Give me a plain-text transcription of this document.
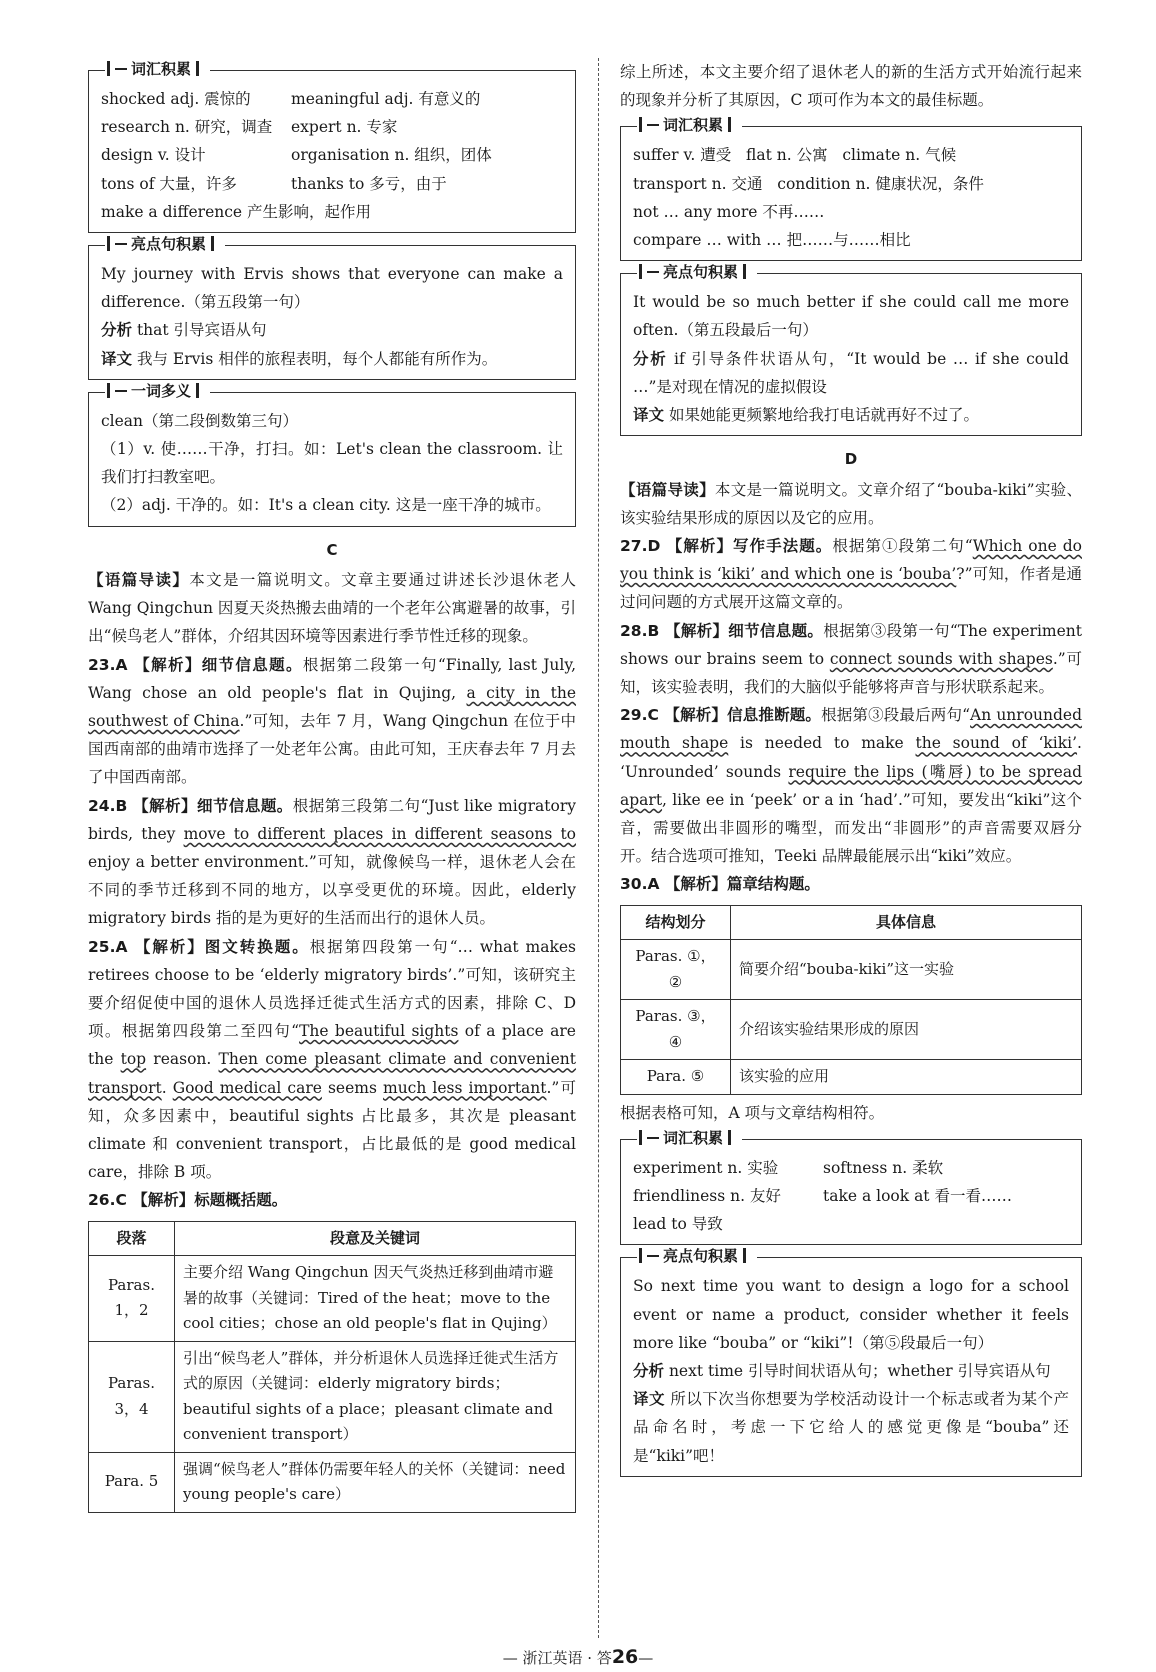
词汇积累
shocked adj. 震惊的	meaningful adj. 有意义的
research n. 研究，调查	expert n. 专家
design v. 设计	organisation n. 组织，团体
tons of 大量，许多	thanks to 多亏，由于
make a difference 产生影响，起作用
亮点句积累

My journey with Ervis shows that everyone can make a difference.（第五段第一句）

分析 that 引导宾语从句

译文 我与 Ervis 相伴的旅程表明，每个人都能有所作为。

一词多义

clean（第二段倒数第三句）

（1）v. 使……干净，打扫。如：Let's clean the classroom. 让我们打扫教室吧。

（2）adj. 干净的。如：It's a clean city. 这是一座干净的城市。

C

【语篇导读】本文是一篇说明文。文章主要通过讲述长沙退休老人 Wang Qingchun 因夏天炎热搬去曲靖的一个老年公寓避暑的故事，引出“候鸟老人”群体，介绍其因环境等因素进行季节性迁移的现象。

23.A 【解析】细节信息题。根据第二段第一句“Finally, last July, Wang chose an old people's flat in Qujing, a city in the southwest of China.”可知，去年 7 月，Wang Qingchun 在位于中国西南部的曲靖市选择了一处老年公寓。由此可知，王庆春去年 7 月去了中国西南部。

24.B 【解析】细节信息题。根据第三段第二句“Just like migratory birds, they move to different places in different seasons to enjoy a better environment.”可知，就像候鸟一样，退休老人会在不同的季节迁移到不同的地方，以享受更优的环境。因此，elderly migratory birds 指的是为更好的生活而出行的退休人员。

25.A 【解析】图文转换题。根据第四段第一句“… what makes retirees choose to be ‘elderly migratory birds’.”可知，该研究主要介绍促使中国的退休人员选择迁徙式生活方式的因素，排除 C、D 项。根据第四段第二至四句“The beautiful sights of a place are the top reason. Then come pleasant climate and convenient transport. Good medical care seems much less important.”可知，众多因素中，beautiful sights 占比最多，其次是 pleasant climate 和 convenient transport，占比最低的是 good medical care，排除 B 项。

26.C 【解析】标题概括题。

段落	段意及关键词
Paras. 1，2	主要介绍 Wang Qingchun 因天气炎热迁移到曲靖市避暑的故事（关键词：Tired of the heat；move to the cool cities；chose an old people's flat in Qujing）
Paras. 3，4	引出“候鸟老人”群体，并分析退休人员选择迁徙式生活方式的原因（关键词：elderly migratory birds；beautiful sights of a place；pleasant climate and convenient transport）
Para. 5	强调“候鸟老人”群体仍需要年轻人的关怀（关键词：need young people's care）

综上所述，本文主要介绍了退休老人的新的生活方式开始流行起来的现象并分析了其原因，C 项可作为本文的最佳标题。

词汇积累
suffer v. 遭受 flat n. 公寓 climate n. 气候
transport n. 交通 condition n. 健康状况，条件
not … any more 不再……
compare … with … 把……与……相比
亮点句积累

It would be so much better if she could call me more often.（第五段最后一句）

分析 if 引导条件状语从句，“It would be … if she could …”是对现在情况的虚拟假设

译文 如果她能更频繁地给我打电话就再好不过了。

D

【语篇导读】本文是一篇说明文。文章介绍了“bouba-kiki”实验、该实验结果形成的原因以及它的应用。

27.D 【解析】写作手法题。根据第①段第二句“Which one do you think is ‘kiki’ and which one is ‘bouba’?”可知，作者是通过问问题的方式展开这篇文章的。

28.B 【解析】细节信息题。根据第③段第一句“The experiment shows our brains seem to connect sounds with shapes.”可知，该实验表明，我们的大脑似乎能够将声音与形状联系起来。

29.C 【解析】信息推断题。根据第③段最后两句“An unrounded mouth shape is needed to make the sound of ‘kiki’. ‘Unrounded’ sounds require the lips (嘴唇) to be spread apart, like ee in ‘peek’ or a in ‘had’.”可知，要发出“kiki”这个音，需要做出非圆形的嘴型，而发出“非圆形”的声音需要双唇分开。结合选项可推知，Teeki 品牌最能展示出“kiki”效应。

30.A 【解析】篇章结构题。

结构划分	具体信息
Paras. ①，②	简要介绍“bouba-kiki”这一实验
Paras. ③，④	介绍该实验结果形成的原因
Para. ⑤	该实验的应用

根据表格可知，A 项与文章结构相符。

词汇积累
experiment n. 实验	softness n. 柔软
friendliness n. 友好	take a look at 看一看……
lead to 导致
亮点句积累

So next time you want to design a logo for a school event or name a product, consider whether it feels more like “bouba” or “kiki”!（第⑤段最后一句）

分析 next time 引导时间状语从句；whether 引导宾语从句

译文 所以下次当你想要为学校活动设计一个标志或者为某个产品命名时，考虑一下它给人的感觉更像是“bouba”还是“kiki”吧！

— 浙江英语 · 答26—
